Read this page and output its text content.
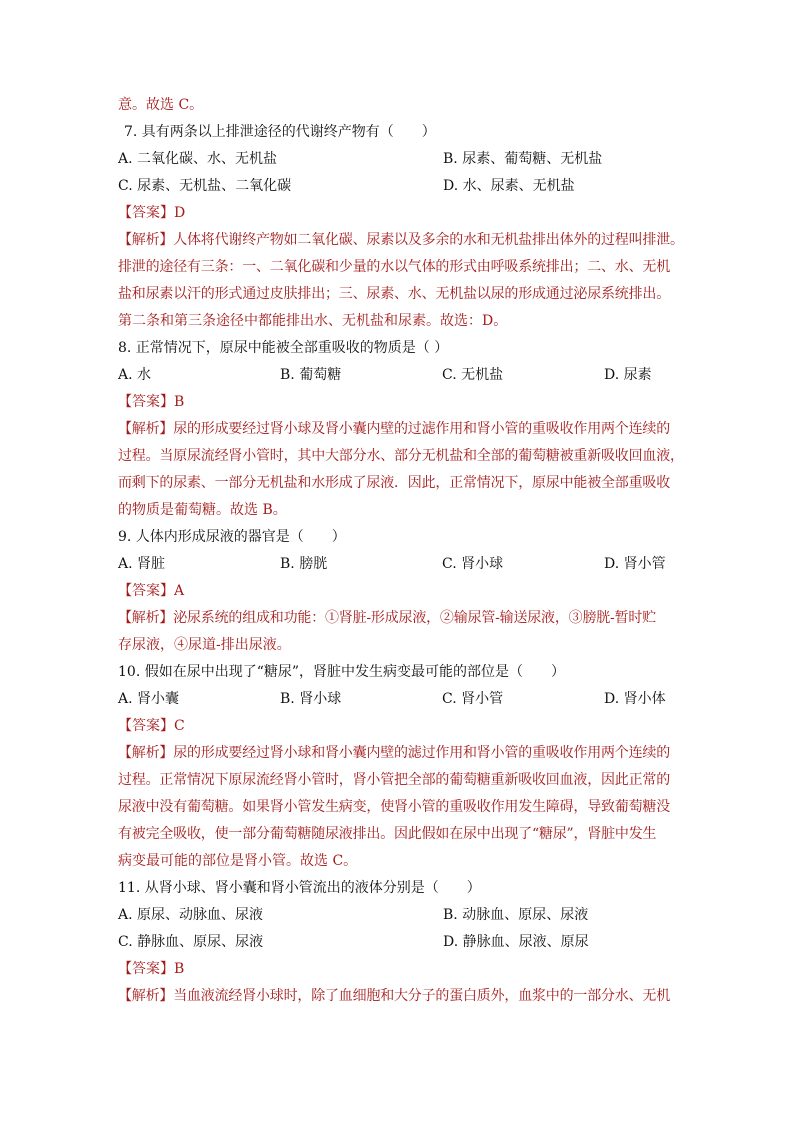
意。故选 C。
7. 具有两条以上排泄途径的代谢终产物有（　　）
A. 二氧化碳、水、无机盐	B. 尿素、葡萄糖、无机盐
C. 尿素、无机盐、二氧化碳	D. 水、尿素、无机盐
【答案】D
【解析】人体将代谢终产物如二氧化碳、尿素以及多余的水和无机盐排出体外的过程叫排泄。
排泄的途径有三条：一、二氧化碳和少量的水以气体的形式由呼吸系统排出；二、水、无机
盐和尿素以汗的形式通过皮肤排出；三、尿素、水、无机盐以尿的形成通过泌尿系统排出。
第二条和第三条途径中都能排出水、无机盐和尿素。故选：D。
8. 正常情况下，原尿中能被全部重吸收的物质是（ ）
A. 水	B. 葡萄糖	C. 无机盐	D. 尿素
【答案】B
【解析】尿的形成要经过肾小球及肾小囊内壁的过滤作用和肾小管的重吸收作用两个连续的
过程。当原尿流经肾小管时，其中大部分水、部分无机盐和全部的葡萄糖被重新吸收回血液，
而剩下的尿素、一部分无机盐和水形成了尿液．因此，正常情况下，原尿中能被全部重吸收
的物质是葡萄糖。故选 B。
9. 人体内形成尿液的器官是（　　）
A. 肾脏	B. 膀胱	C. 肾小球	D. 肾小管
【答案】A
【解析】泌尿系统的组成和功能：①肾脏-形成尿液，②输尿管-输送尿液，③膀胱-暂时贮
存尿液，④尿道-排出尿液。
10. 假如在尿中出现了“糖尿”，肾脏中发生病变最可能的部位是（　　）
A. 肾小囊	B. 肾小球	C. 肾小管	D. 肾小体
【答案】C
【解析】尿的形成要经过肾小球和肾小囊内壁的滤过作用和肾小管的重吸收作用两个连续的
过程。正常情况下原尿流经肾小管时，肾小管把全部的葡萄糖重新吸收回血液，因此正常的
尿液中没有葡萄糖。如果肾小管发生病变，使肾小管的重吸收作用发生障碍，导致葡萄糖没
有被完全吸收，使一部分葡萄糖随尿液排出。因此假如在尿中出现了“糖尿”，肾脏中发生
病变最可能的部位是肾小管。故选 C。
11. 从肾小球、肾小囊和肾小管流出的液体分别是（　　）
A. 原尿、动脉血、尿液	B. 动脉血、原尿、尿液
C. 静脉血、原尿、尿液	D. 静脉血、尿液、原尿
【答案】B
【解析】当血液流经肾小球时，除了血细胞和大分子的蛋白质外，血浆中的一部分水、无机
